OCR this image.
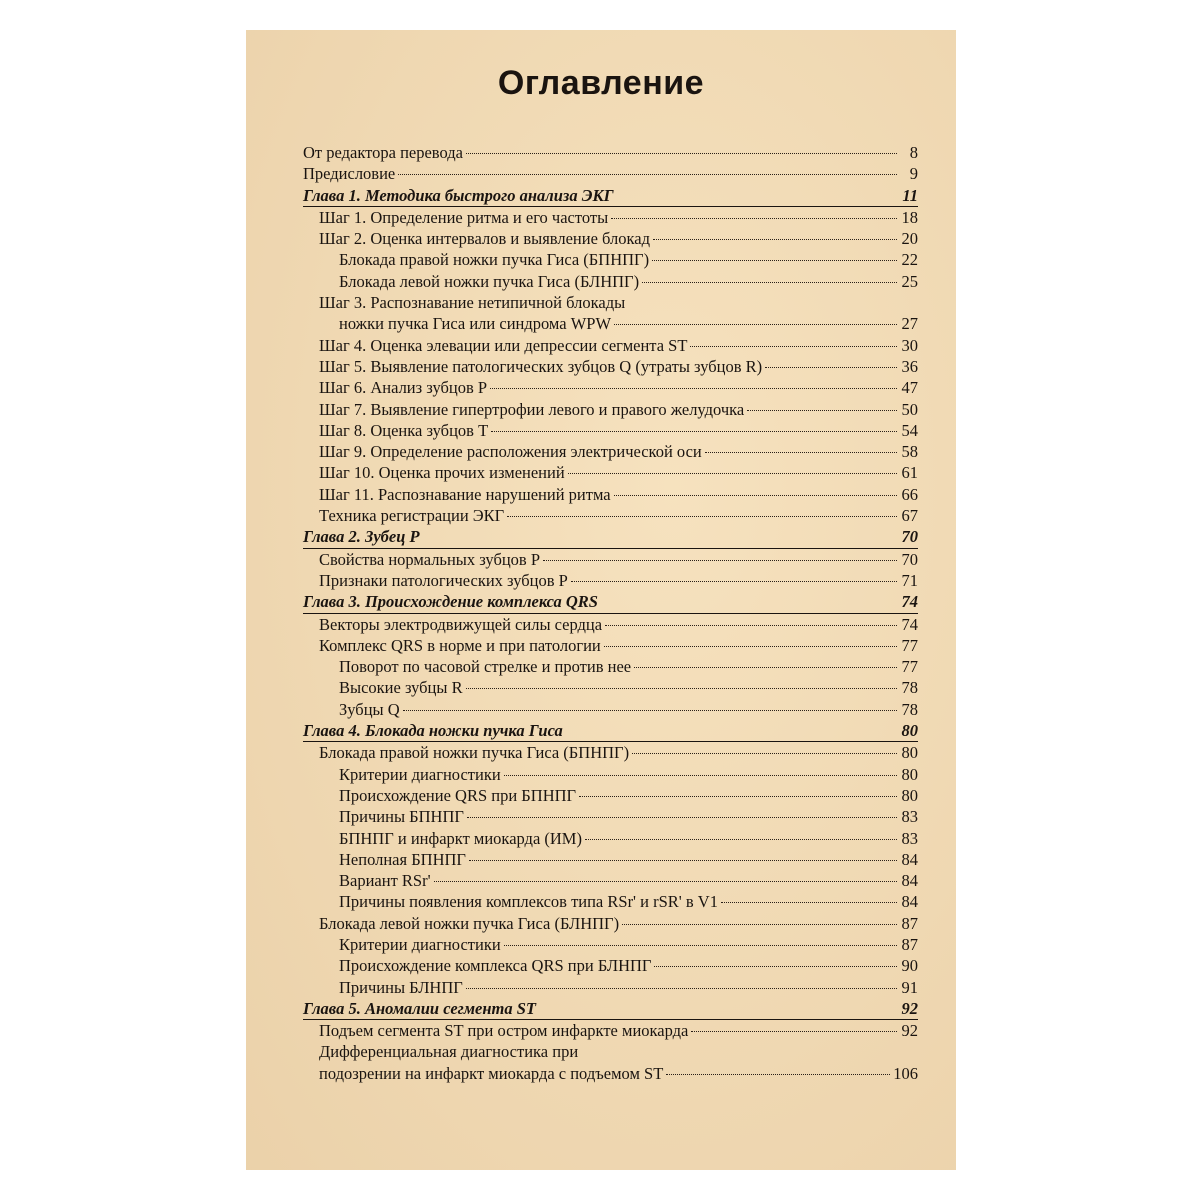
Оглавление
От редактора перевода	8
Предисловие	9
Глава 1. Методика быстрого анализа ЭКГ	11
Шаг 1. Определение ритма и его частоты	18
Шаг 2. Оценка интервалов и выявление блокад	20
Блокада правой ножки пучка Гиса (БПНПГ)	22
Блокада левой ножки пучка Гиса (БЛНПГ)	25
Шаг 3. Распознавание нетипичной блокады
ножки пучка Гиса или синдрома WPW	27
Шаг 4. Оценка элевации или депрессии сегмента ST	30
Шаг 5. Выявление патологических зубцов Q (утраты зубцов R)	36
Шаг 6. Анализ зубцов Р	47
Шаг 7. Выявление гипертрофии левого и правого желудочка	50
Шаг 8. Оценка зубцов Т	54
Шаг 9. Определение расположения электрической оси	58
Шаг 10. Оценка прочих изменений	61
Шаг 11. Распознавание нарушений ритма	66
Техника регистрации ЭКГ	67
Глава 2. Зубец Р	70
Свойства нормальных зубцов Р	70
Признаки патологических зубцов Р	71
Глава 3. Происхождение комплекса QRS	74
Векторы электродвижущей силы сердца	74
Комплекс QRS в норме и при патологии	77
Поворот по часовой стрелке и против нее	77
Высокие зубцы R	78
Зубцы Q	78
Глава 4. Блокада ножки пучка Гиса	80
Блокада правой ножки пучка Гиса (БПНПГ)	80
Критерии диагностики	80
Происхождение QRS при БПНПГ	80
Причины БПНПГ	83
БПНПГ и инфаркт миокарда (ИМ)	83
Неполная БПНПГ	84
Вариант RSr'	84
Причины появления комплексов типа RSr' и rSR' в V1	84
Блокада левой ножки пучка Гиса (БЛНПГ)	87
Критерии диагностики	87
Происхождение комплекса QRS при БЛНПГ	90
Причины БЛНПГ	91
Глава 5. Аномалии сегмента ST	92
Подъем сегмента ST при остром инфаркте миокарда	92
Дифференциальная диагностика при
подозрении на инфаркт миокарда с подъемом ST	106
